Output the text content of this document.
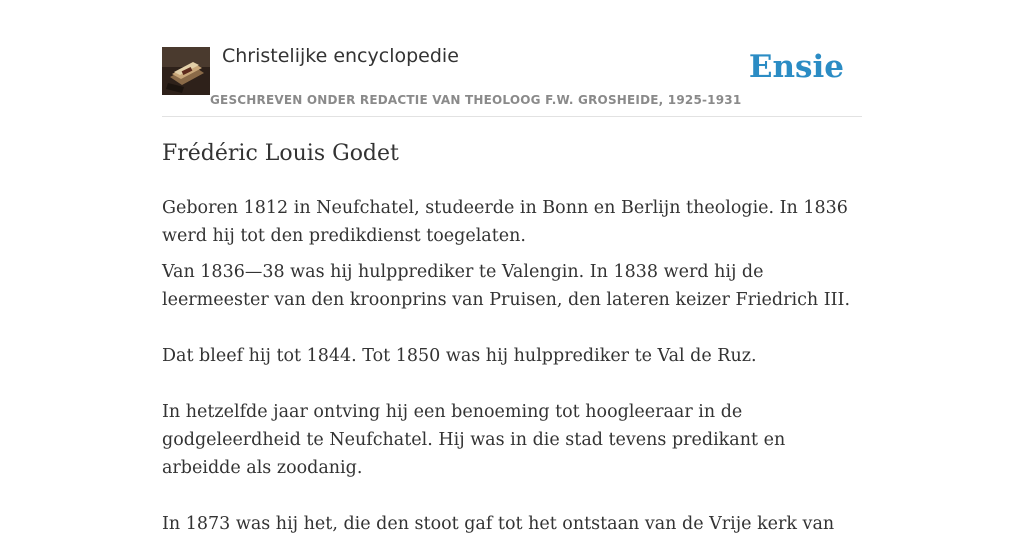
Christelijke encyclopedie
GESCHREVEN ONDER REDACTIE VAN THEOLOOG F.W. GROSHEIDE, 1925-1931
Ensie
Frédéric Louis Godet

Geboren 1812 in Neufchatel, studeerde in Bonn en Berlijn theologie. In 1836 werd hij tot den predikdienst toegelaten.

Van 1836—38 was hij hulpprediker te Valengin. In 1838 werd hij de leermeester van den kroonprins van Pruisen, den lateren keizer Friedrich III.

Dat bleef hij tot 1844. Tot 1850 was hij hulpprediker te Val de Ruz.

In hetzelfde jaar ontving hij een benoeming tot hoogleeraar in de godgeleerdheid te Neufchatel. Hij was in die stad tevens predikant en arbeidde als zoodanig.

In 1873 was hij het, die den stoot gaf tot het ontstaan van de Vrije kerk van
